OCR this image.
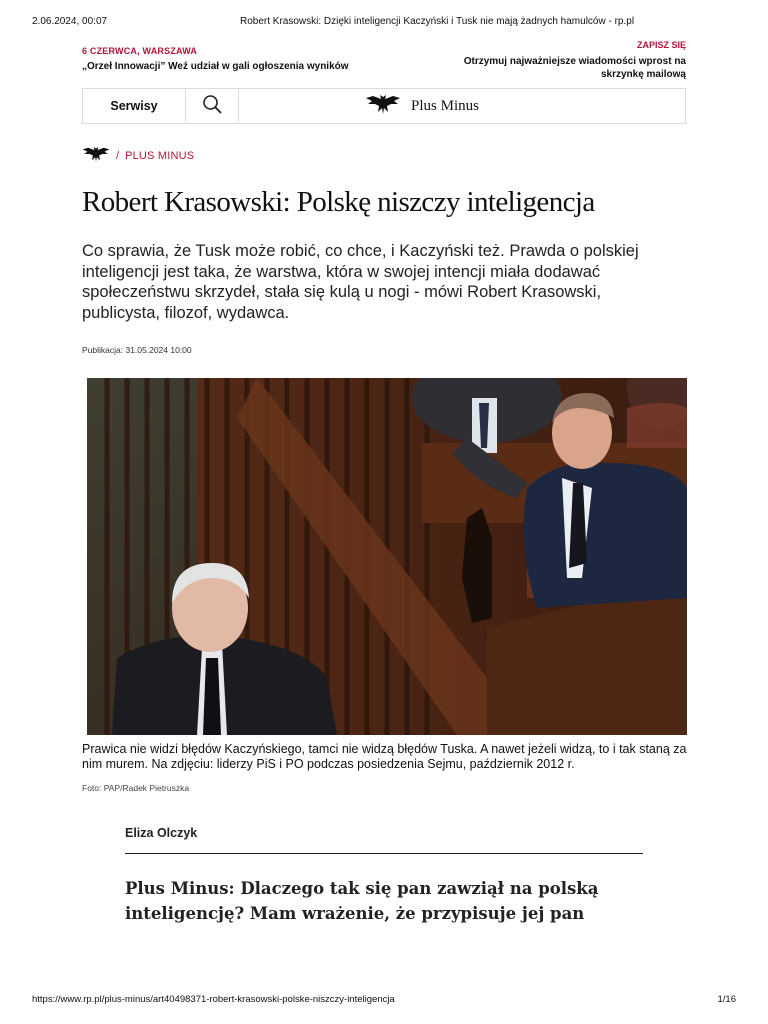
2.06.2024, 00:07	Robert Krasowski: Dzięki inteligencji Kaczyński i Tusk nie mają żadnych hamulców - rp.pl
6 CZERWCA, WARSZAWA
„Orzeł Innowacji” Weź udział w gali ogłoszenia wyników
ZAPISZ SIĘ
Otrzymuj najważniejsze wiadomości wprost na skrzynkę mailową
Serwisy	Plus Minus
/ PLUS MINUS
Robert Krasowski: Polskę niszczy inteligencja

Co sprawia, że Tusk może robić, co chce, i Kaczyński też. Prawda o polskiej inteligencji jest taka, że warstwa, która w swojej intencji miała dodawać społeczeństwu skrzydeł, stała się kulą u nogi - mówi Robert Krasowski, publicysta, filozof, wydawca.

Publikacja: 31.05.2024 10:00

Prawica nie widzi błędów Kaczyńskiego, tamci nie widzą błędów Tuska. A nawet jeżeli widzą, to i tak staną za nim murem. Na zdjęciu: liderzy PiS i PO podczas posiedzenia Sejmu, październik 2012 r.

Foto: PAP/Radek Pietruszka
Eliza Olczyk

Plus Minus: Dlaczego tak się pan zawziął na polską inteligencję? Mam wrażenie, że przypisuje jej pan

https://www.rp.pl/plus-minus/art40498371-robert-krasowski-polske-niszczy-inteligencja	1/16
